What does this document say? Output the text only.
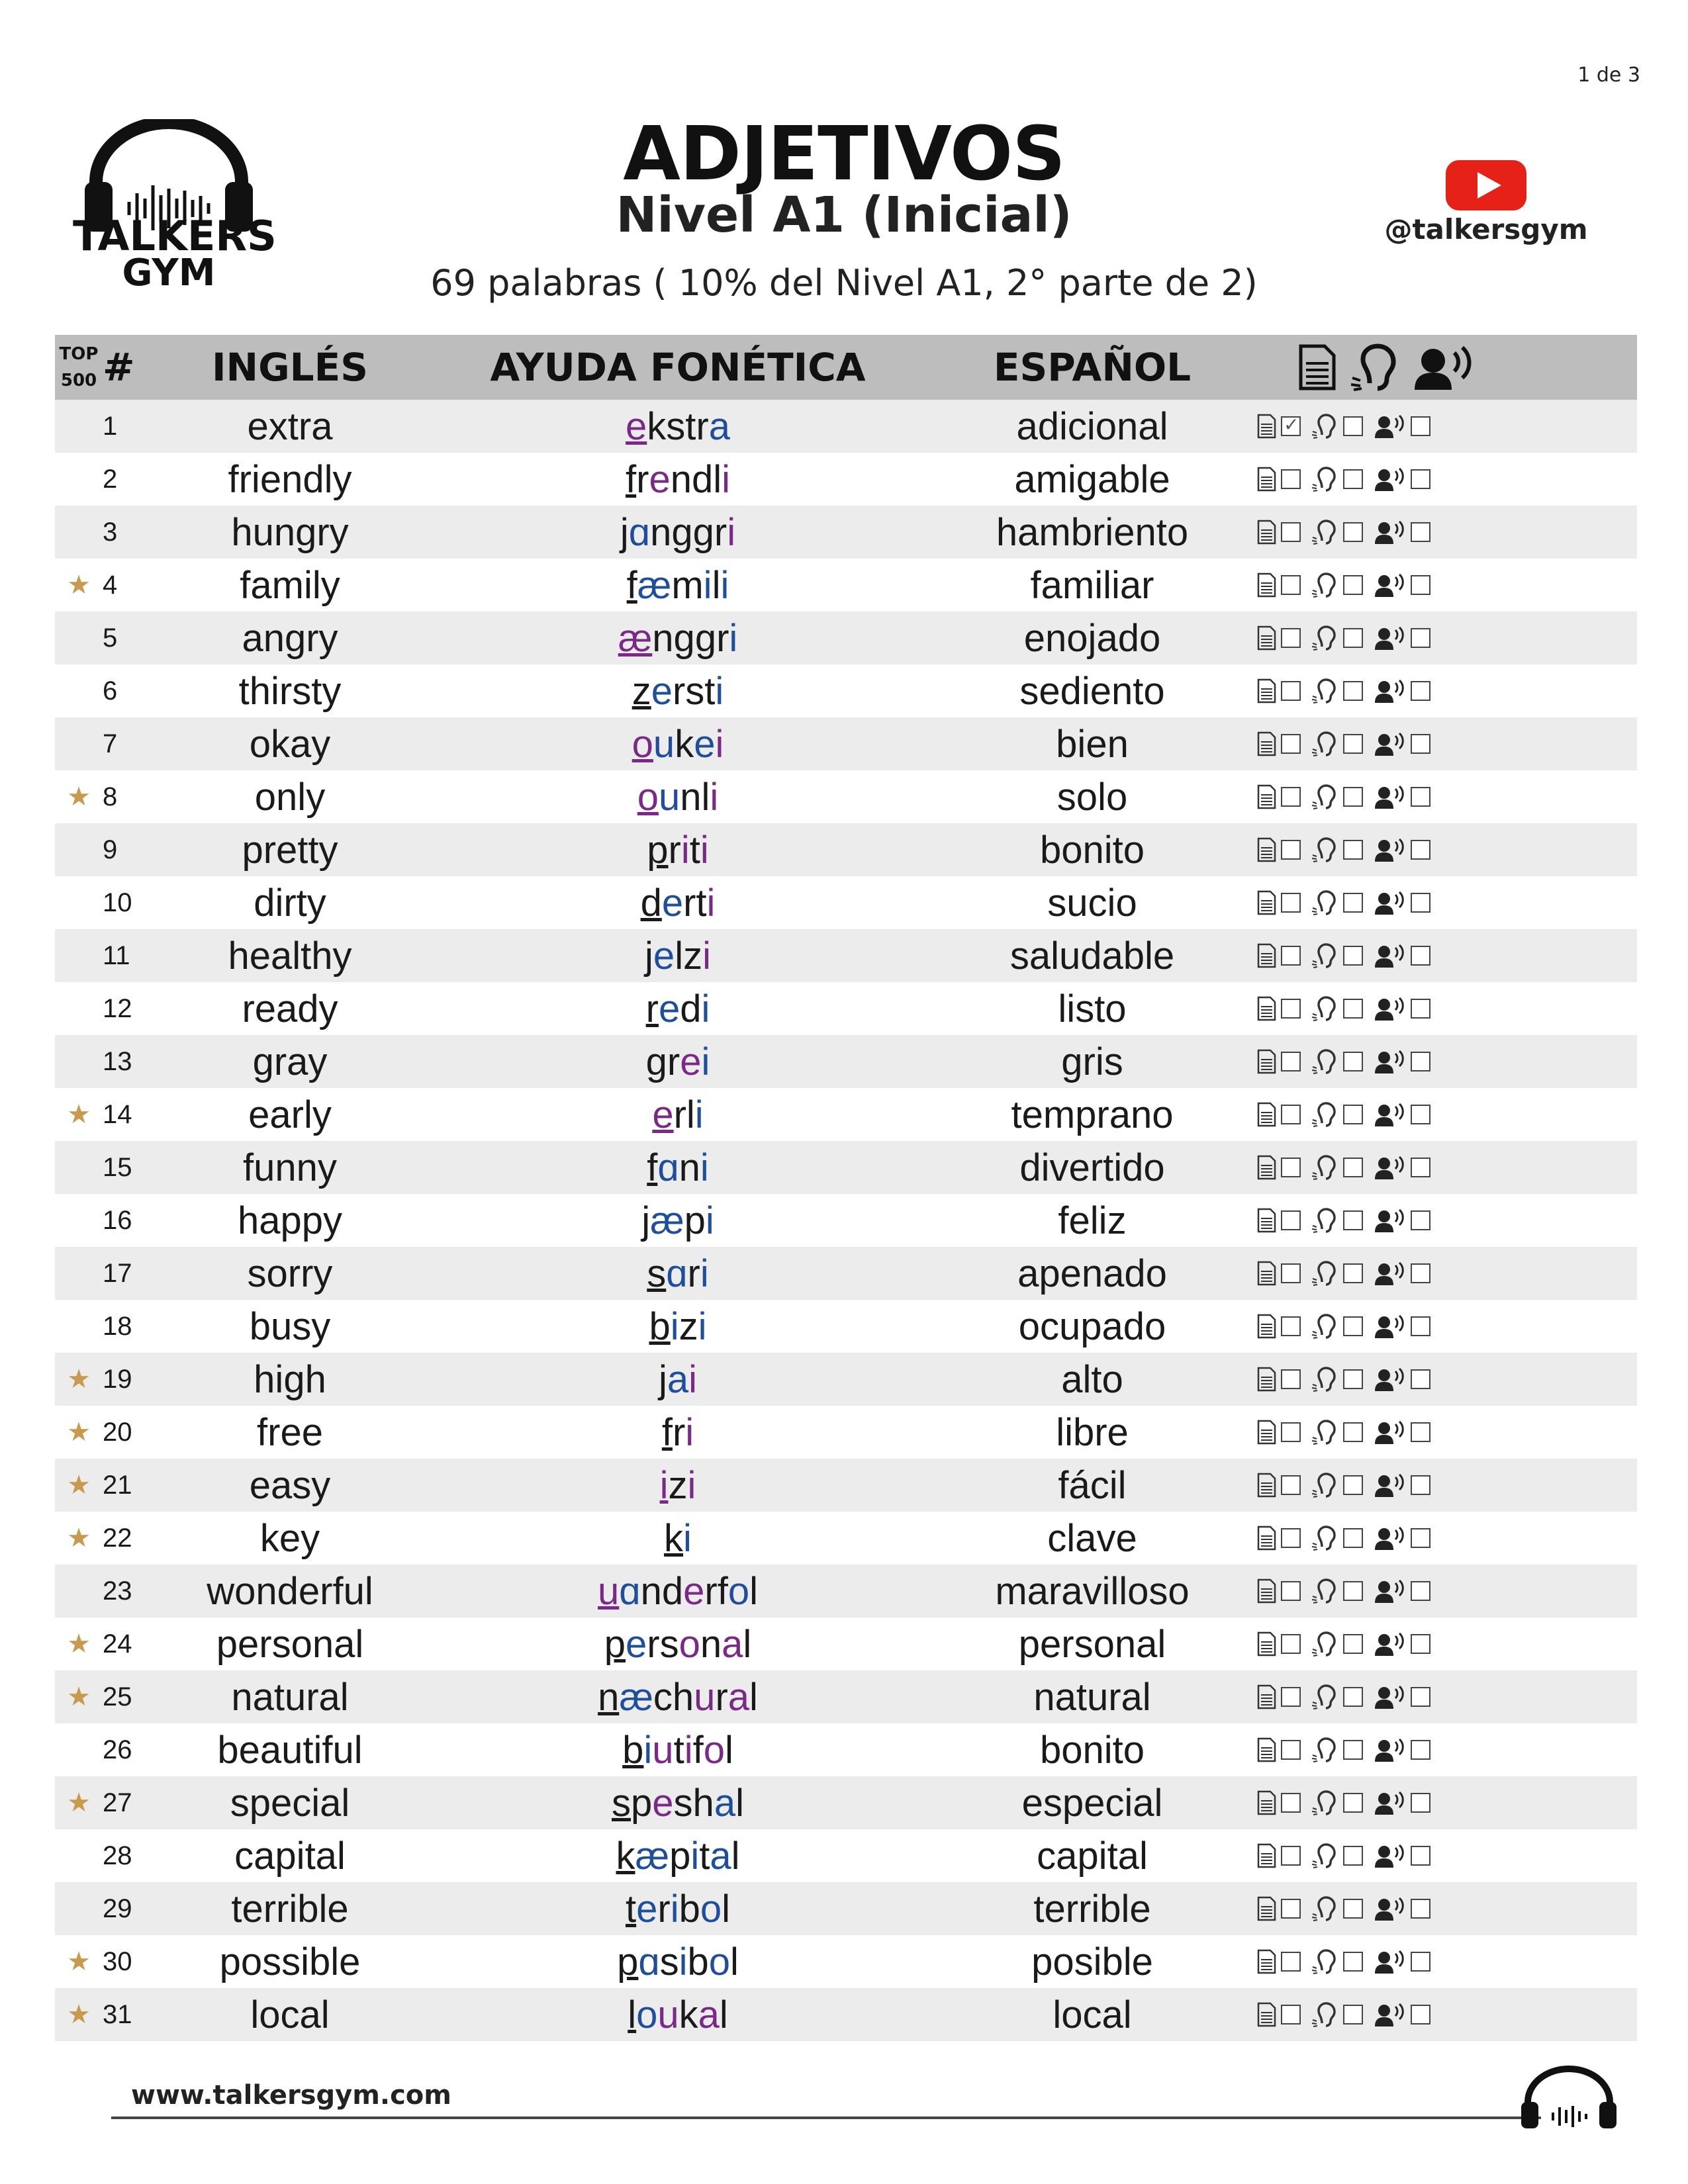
1 de 3
TALKERS
GYM
ADJETIVOS
Nivel A1 (Inicial)
69 palabras ( 10% del Nivel A1, 2° parte de 2)
@talkersgym
TOP
500	#	INGLÉS	AYUDA FONÉTICA	ESPAÑOL	

	1	extra	ekstra	adicional	
✓

	2	friendly	frendli	amigable	

	3	hungry	jɑnggri	hambriento	

★	4	family	fæmili	familiar	

	5	angry	ænggri	enojado	

	6	thirsty	zersti	sediento	

	7	okay	oukei	bien	

★	8	only	ounli	solo	

	9	pretty	priti	bonito	

	10	dirty	derti	sucio	

	11	healthy	jelzi	saludable	

	12	ready	redi	listo	

	13	gray	grei	gris	

★	14	early	erli	temprano	

	15	funny	fɑni	divertido	

	16	happy	jæpi	feliz	

	17	sorry	sɑri	apenado	

	18	busy	bizi	ocupado	

★	19	high	jai	alto	

★	20	free	fri	libre	

★	21	easy	izi	fácil	

★	22	key	ki	clave	

	23	wonderful	uɑnderfol	maravilloso	

★	24	personal	personal	personal	

★	25	natural	næchural	natural	

	26	beautiful	biutifol	bonito	

★	27	special	speshal	especial	

	28	capital	kæpital	capital	

	29	terrible	teribol	terrible	

★	30	possible	pɑsibol	posible	

★	31	local	loukal	local	
www.talkersgym.com
